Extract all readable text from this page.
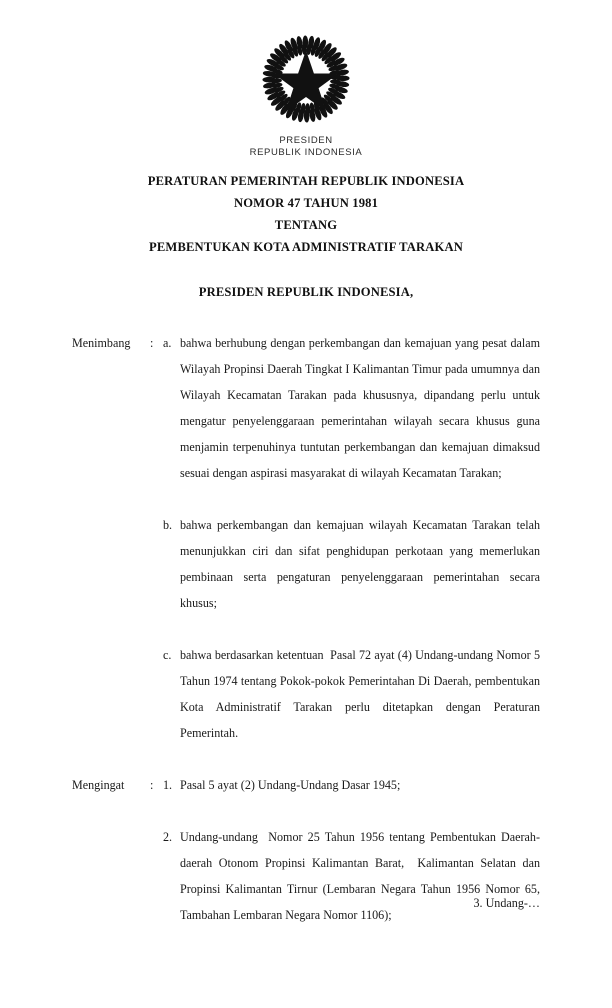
PRESIDEN
REPUBLIK INDONESIA
PERATURAN PEMERINTAH REPUBLIK INDONESIA
NOMOR 47 TAHUN 1981
TENTANG
PEMBENTUKAN KOTA ADMINISTRATIF TARAKAN
PRESIDEN REPUBLIK INDONESIA,
Menimbang	: a. bahwa berhubung dengan perkembangan dan kemajuan yang pesat dalam Wilayah Propinsi Daerah Tingkat I Kalimantan Timur pada umumnya dan Wilayah Kecamatan Tarakan pada khususnya, dipandang perlu untuk mengatur penyelenggaraan pemerintahan wilayah secara khusus guna menjamin terpenuhinya tuntutan perkembangan dan kemajuan dimaksud sesuai dengan aspirasi masyarakat di wilayah Kecamatan Tarakan;
b. bahwa perkembangan dan kemajuan wilayah Kecamatan Tarakan telah menunjukkan ciri dan sifat penghidupan perkotaan yang memerlukan pembinaan serta pengaturan penyelenggaraan pemerintahan secara khusus;
c. bahwa berdasarkan ketentuan  Pasal 72 ayat (4) Undang-undang Nomor 5 Tahun 1974 tentang Pokok-pokok Pemerintahan Di Daerah, pembentukan Kota Administratif Tarakan perlu ditetapkan dengan Peraturan Pemerintah.
Mengingat	: 1. Pasal 5 ayat (2) Undang-Undang Dasar 1945;
2. Undang-undang  Nomor 25 Tahun 1956 tentang Pembentukan Daerah-daerah Otonom Propinsi Kalimantan Barat,  Kalimantan Selatan dan Propinsi Kalimantan Tirnur (Lembaran Negara Tahun 1956 Nomor 65, Tambahan Lembaran Negara Nomor 1106);
3. Undang-…
